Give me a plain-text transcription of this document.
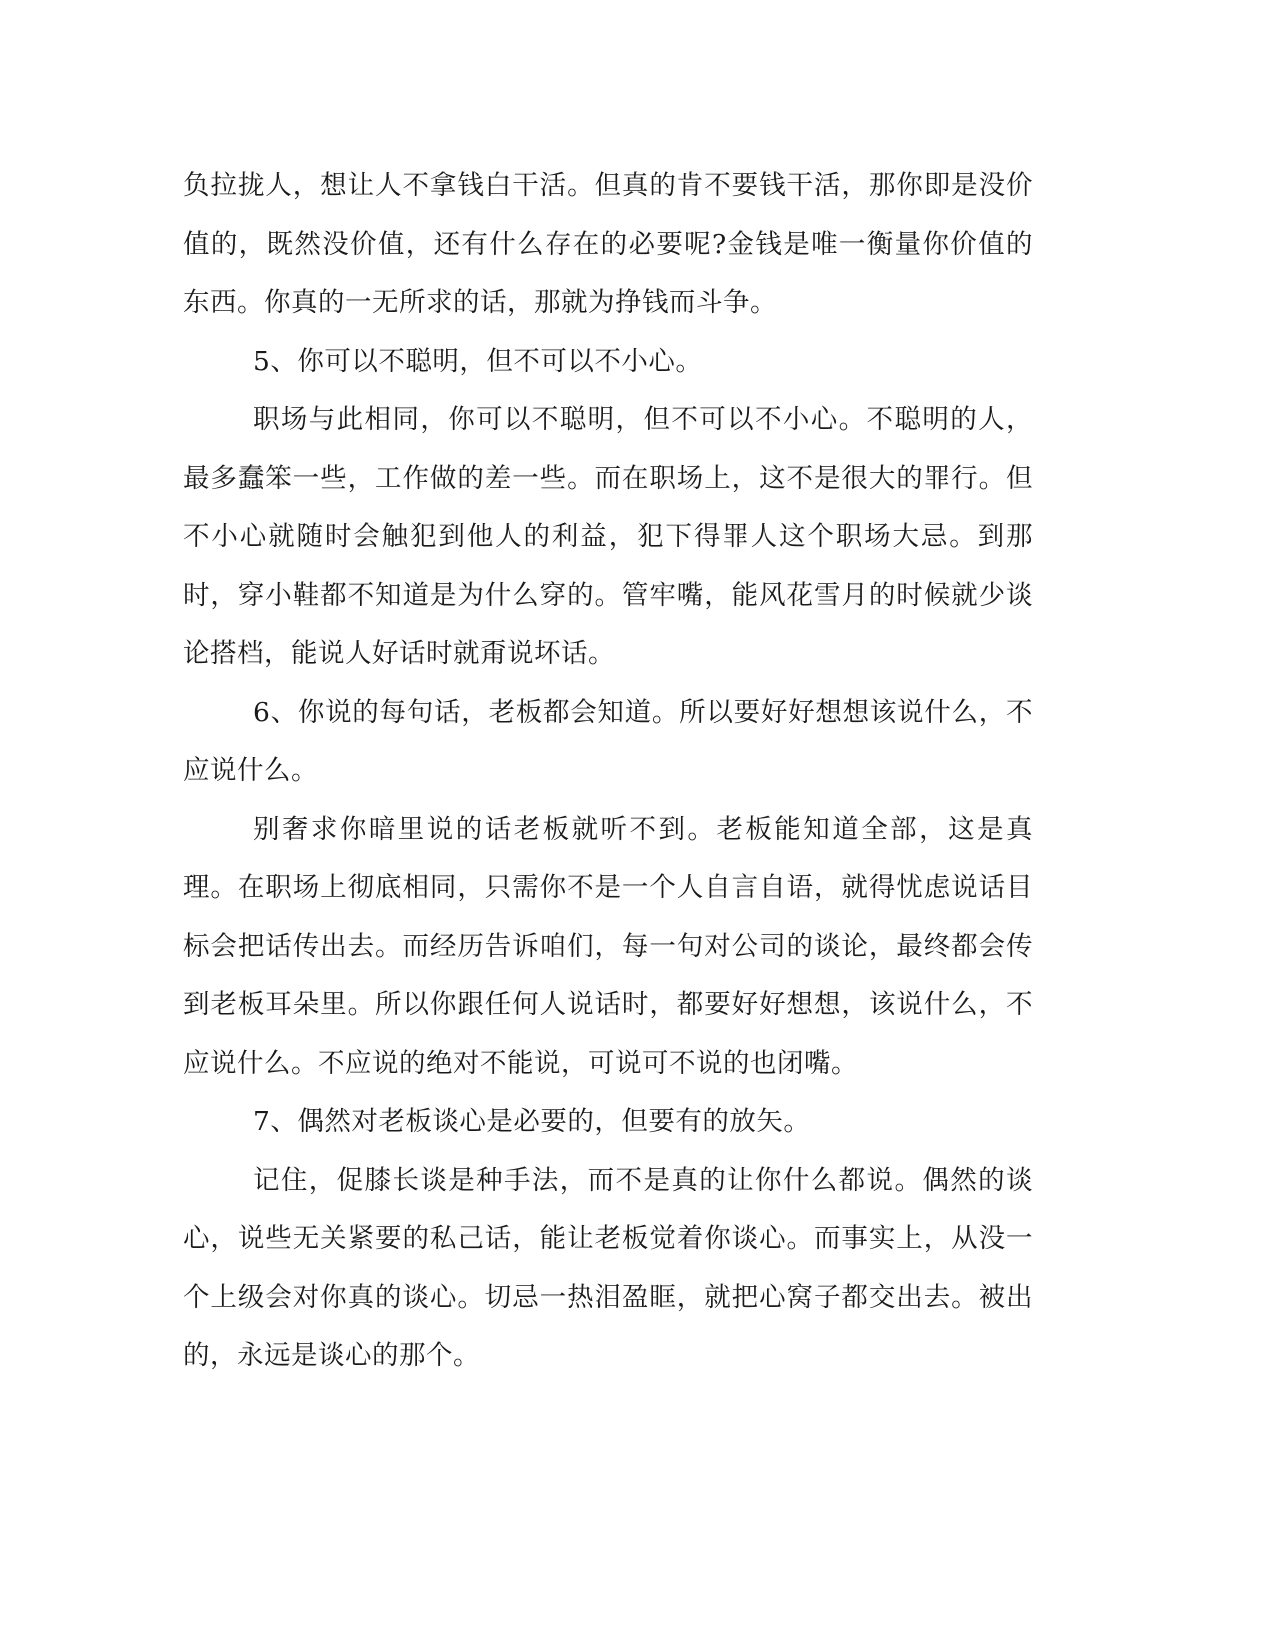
负拉拢人，想让人不拿钱白干活。但真的肯不要钱干活，那你即是没价值的，既然没价值，还有什么存在的必要呢?金钱是唯一衡量你价值的东西。你真的一无所求的话，那就为挣钱而斗争。

5、你可以不聪明，但不可以不小心。

职场与此相同，你可以不聪明，但不可以不小心。不聪明的人，最多蠢笨一些，工作做的差一些。而在职场上，这不是很大的罪行。但不小心就随时会触犯到他人的利益，犯下得罪人这个职场大忌。到那时，穿小鞋都不知道是为什么穿的。管牢嘴，能风花雪月的时候就少谈论搭档，能说人好话时就甭说坏话。

6、你说的每句话，老板都会知道。所以要好好想想该说什么，不应说什么。

别奢求你暗里说的话老板就听不到。老板能知道全部，这是真理。在职场上彻底相同，只需你不是一个人自言自语，就得忧虑说话目标会把话传出去。而经历告诉咱们，每一句对公司的谈论，最终都会传到老板耳朵里。所以你跟任何人说话时，都要好好想想，该说什么，不应说什么。不应说的绝对不能说，可说可不说的也闭嘴。

7、偶然对老板谈心是必要的，但要有的放矢。

记住，促膝长谈是种手法，而不是真的让你什么都说。偶然的谈心，说些无关紧要的私己话，能让老板觉着你谈心。而事实上，从没一个上级会对你真的谈心。切忌一热泪盈眶，就把心窝子都交出去。被出的，永远是谈心的那个。
